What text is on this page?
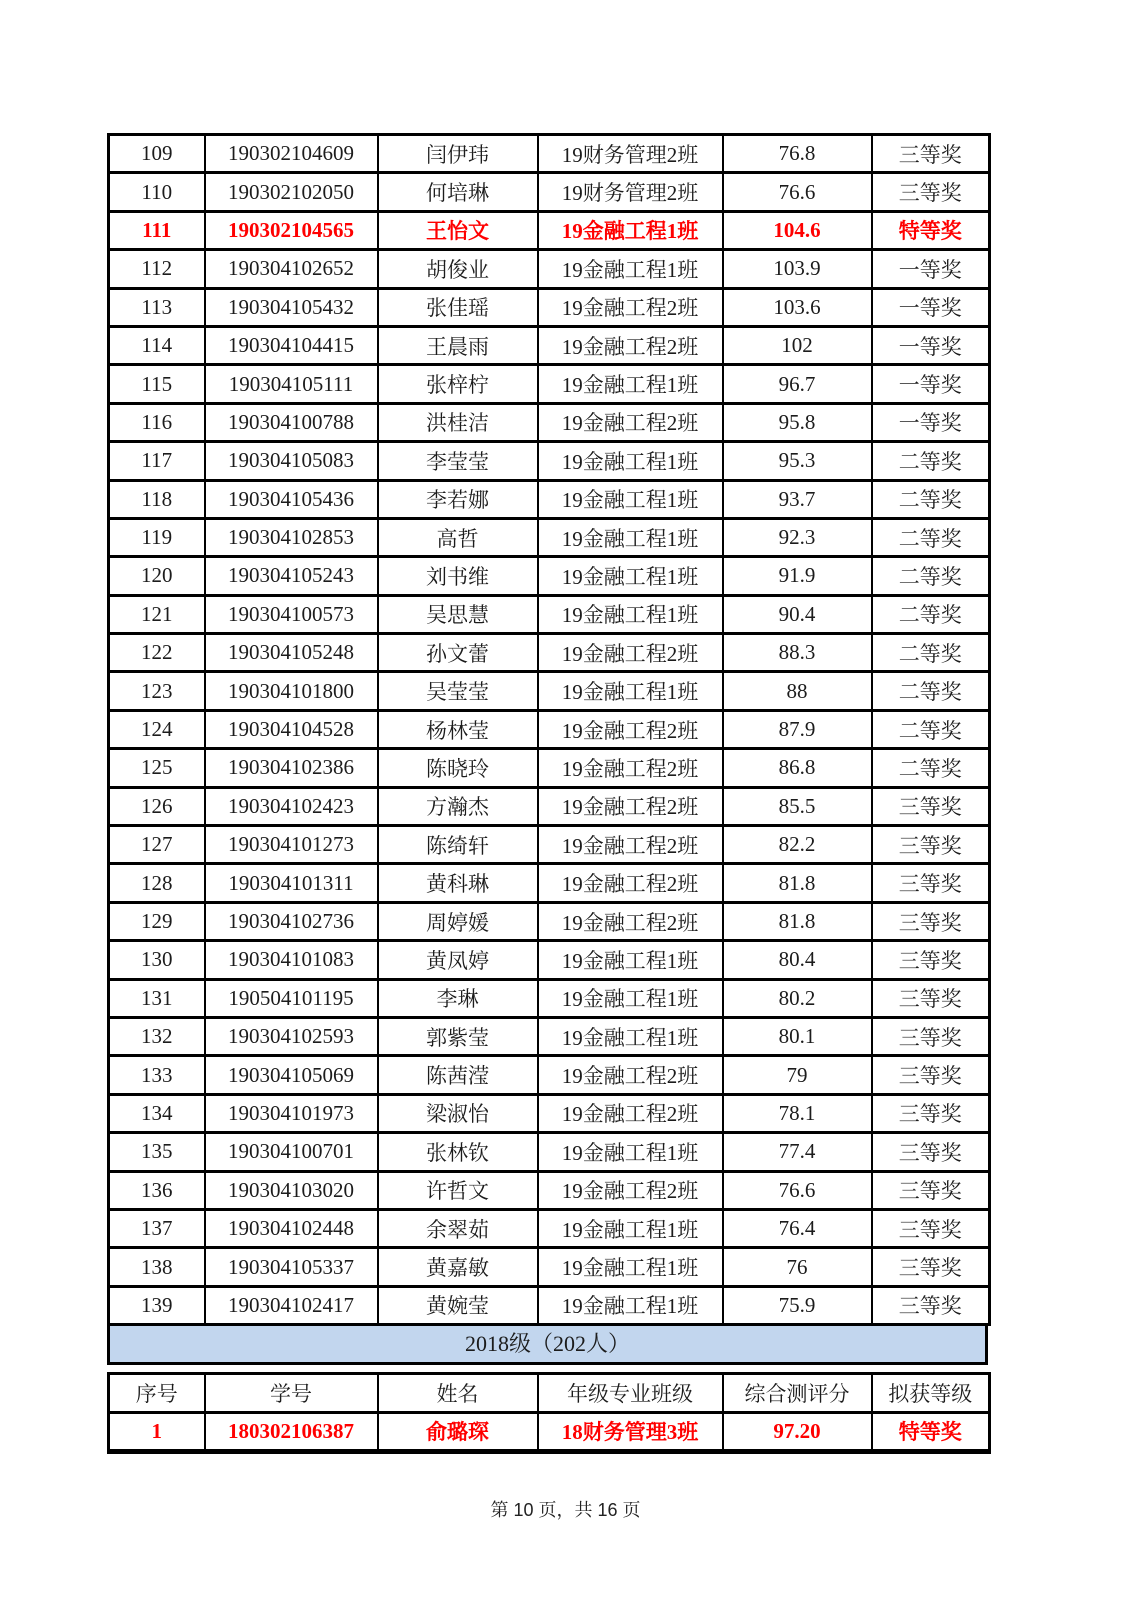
109	190302104609	闫伊玮	19财务管理2班	76.8	三等奖
110	190302102050	何培琳	19财务管理2班	76.6	三等奖
111	190302104565	王怡文	19金融工程1班	104.6	特等奖
112	190304102652	胡俊业	19金融工程1班	103.9	一等奖
113	190304105432	张佳瑶	19金融工程2班	103.6	一等奖
114	190304104415	王晨雨	19金融工程2班	102	一等奖
115	190304105111	张梓柠	19金融工程1班	96.7	一等奖
116	190304100788	洪桂洁	19金融工程2班	95.8	一等奖
117	190304105083	李莹莹	19金融工程1班	95.3	二等奖
118	190304105436	李若娜	19金融工程1班	93.7	二等奖
119	190304102853	高哲	19金融工程1班	92.3	二等奖
120	190304105243	刘书维	19金融工程1班	91.9	二等奖
121	190304100573	吴思慧	19金融工程1班	90.4	二等奖
122	190304105248	孙文蕾	19金融工程2班	88.3	二等奖
123	190304101800	吴莹莹	19金融工程1班	88	二等奖
124	190304104528	杨林莹	19金融工程2班	87.9	二等奖
125	190304102386	陈晓玲	19金融工程2班	86.8	二等奖
126	190304102423	方瀚杰	19金融工程2班	85.5	三等奖
127	190304101273	陈绮轩	19金融工程2班	82.2	三等奖
128	190304101311	黄科琳	19金融工程2班	81.8	三等奖
129	190304102736	周婷媛	19金融工程2班	81.8	三等奖
130	190304101083	黄凤婷	19金融工程1班	80.4	三等奖
131	190504101195	李琳	19金融工程1班	80.2	三等奖
132	190304102593	郭紫莹	19金融工程1班	80.1	三等奖
133	190304105069	陈茜滢	19金融工程2班	79	三等奖
134	190304101973	梁淑怡	19金融工程2班	78.1	三等奖
135	190304100701	张林钦	19金融工程1班	77.4	三等奖
136	190304103020	许哲文	19金融工程2班	76.6	三等奖
137	190304102448	余翠茹	19金融工程1班	76.4	三等奖
138	190304105337	黄嘉敏	19金融工程1班	76	三等奖
139	190304102417	黄婉莹	19金融工程1班	75.9	三等奖
2018级（202人）
序号	学号	姓名	年级专业班级	综合测评分	拟获等级
1	180302106387	俞璐琛	18财务管理3班	97.20	特等奖
第 10 页，共 16 页
